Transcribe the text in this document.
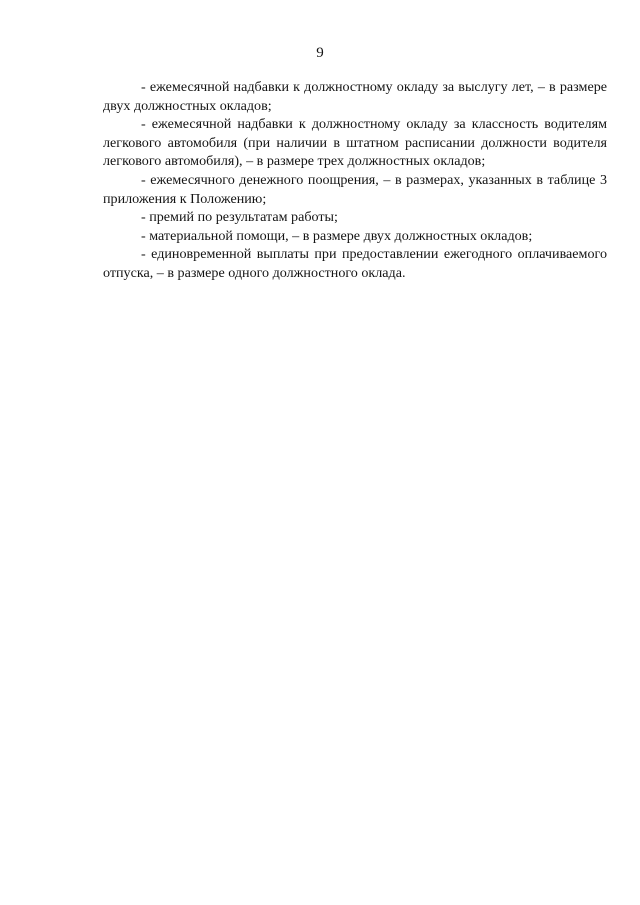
9

- ежемесячной надбавки к должностному окладу за выслугу лет, – в размере двух должностных окладов;

- ежемесячной надбавки к должностному окладу за классность водителям легкового автомобиля (при наличии в штатном расписании должности водителя легкового автомобиля), – в размере трех должностных окладов;

- ежемесячного денежного поощрения, – в размерах, указанных в таблице 3 приложения к Положению;

- премий по результатам работы;

- материальной помощи, – в размере двух должностных окладов;

- единовременной выплаты при предоставлении ежегодного оплачиваемого отпуска, – в размере одного должностного оклада.
